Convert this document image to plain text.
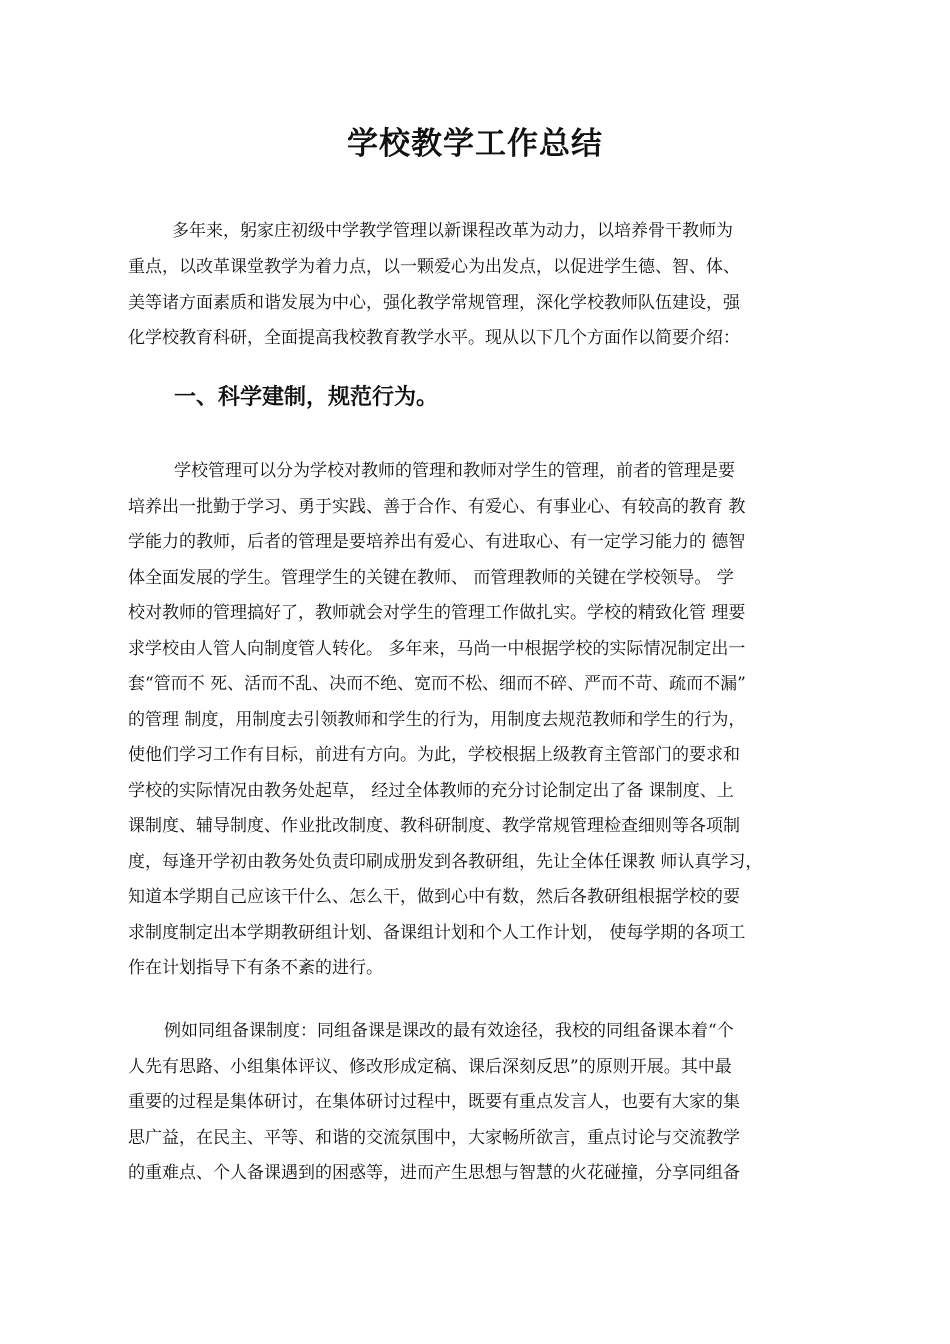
学校教学工作总结
多年来，躬家庄初级中学教学管理以新课程改革为动力，以培养骨干教师为
重点，以改革课堂教学为着力点，以一颗爱心为出发点，以促进学生德、智、体、
美等诸方面素质和谐发展为中心，强化教学常规管理，深化学校教师队伍建设，强
化学校教育科研，全面提高我校教育教学水平。现从以下几个方面作以简要介绍：
一、科学建制，规范行为。
学校管理可以分为学校对教师的管理和教师对学生的管理，前者的管理是要
培养出一批勤于学习、勇于实践、善于合作、有爱心、有事业心、有较高的教育 教
学能力的教师，后者的管理是要培养出有爱心、有进取心、有一定学习能力的 德智
体全面发展的学生。管理学生的关键在教师、 而管理教师的关键在学校领导。 学
校对教师的管理搞好了，教师就会对学生的管理工作做扎实。学校的精致化管 理要
求学校由人管人向制度管人转化。 多年来，马尚一中根据学校的实际情况制定出一
套“管而不 死、活而不乱、决而不绝、宽而不松、细而不碎、严而不苛、疏而不漏”
的管理 制度，用制度去引领教师和学生的行为，用制度去规范教师和学生的行为，
使他们学习工作有目标，前进有方向。为此，学校根据上级教育主管部门的要求和
学校的实际情况由教务处起草， 经过全体教师的充分讨论制定出了备 课制度、上
课制度、辅导制度、作业批改制度、教科研制度、教学常规管理检查细则等各项制
度，每逢开学初由教务处负责印刷成册发到各教研组，先让全体任课教 师认真学习，
知道本学期自己应该干什么、怎么干，做到心中有数，然后各教研组根据学校的要
求制度制定出本学期教研组计划、备课组计划和个人工作计划， 使每学期的各项工
作在计划指导下有条不紊的进行。
例如同组备课制度：同组备课是课改的最有效途径，我校的同组备课本着“个
人先有思路、小组集体评议、修改形成定稿、课后深刻反思”的原则开展。其中最
重要的过程是集体研讨，在集体研讨过程中，既要有重点发言人，也要有大家的集
思广益，在民主、平等、和谐的交流氛围中，大家畅所欲言，重点讨论与交流教学
的重难点、个人备课遇到的困惑等，进而产生思想与智慧的火花碰撞，分享同组备
